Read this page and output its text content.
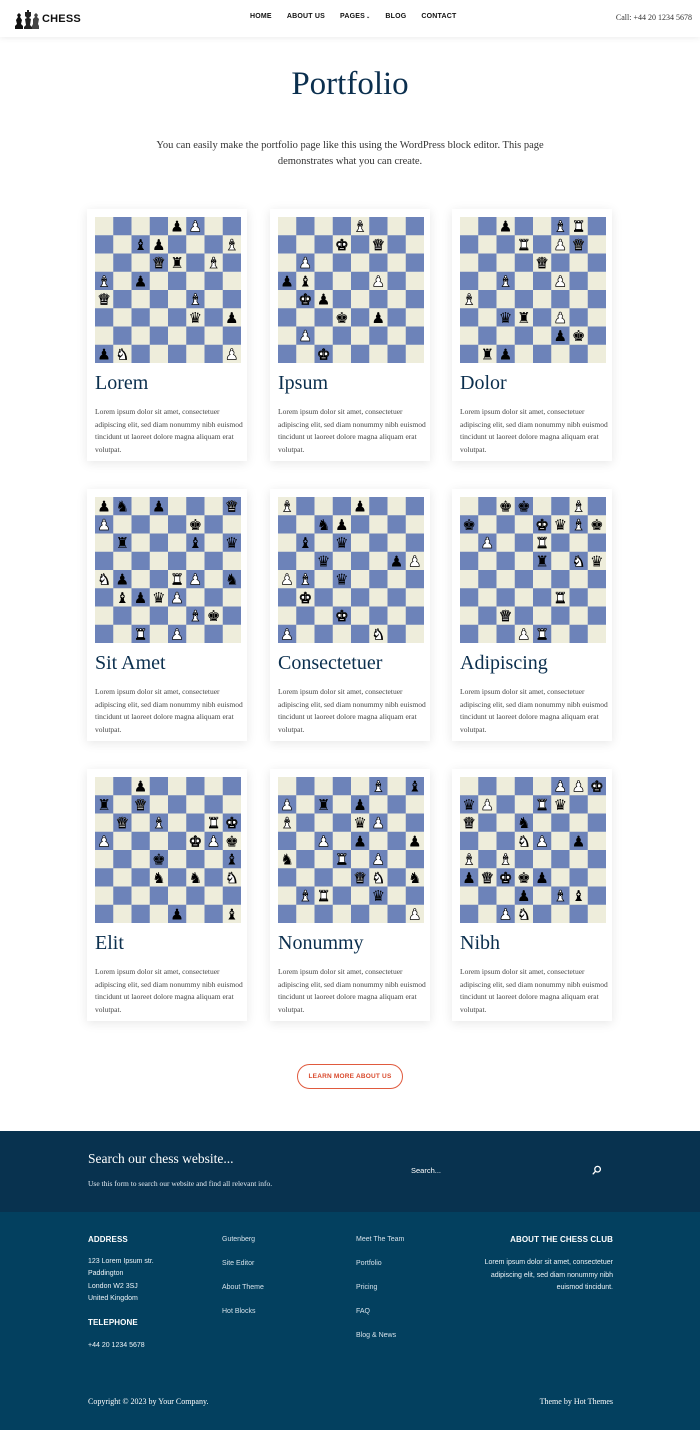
CHESS	HOME ABOUT US PAGES⌄ BLOG CONTACT	Call: +44 20 1234 5678
Portfolio

You can easily make the portfolio page like this using the WordPress block editor. This page demonstrates what you can create.

♟ ♟
♝ ♟	♝
♛ ♜ ♝
♝ ♟
♛	♝
♛ ♟
♟ ♞	♟
Lorem
Lorem ipsum dolor sit amet, consectetuer adipiscing elit, sed diam nonummy nibh euismod tincidunt ut laoreet dolore magna aliquam erat volutpat.
♝
♚ ♛
♟
♟ ♝	♟
♚ ♟
♚ ♟
♟
♚
Ipsum
Lorem ipsum dolor sit amet, consectetuer adipiscing elit, sed diam nonummy nibh euismod tincidunt ut laoreet dolore magna aliquam erat volutpat.
♟	♝ ♜
♜ ♟ ♛
♛
♝	♟
♝
♛ ♜ ♟
♟ ♚
♜ ♟
Dolor
Lorem ipsum dolor sit amet, consectetuer adipiscing elit, sed diam nonummy nibh euismod tincidunt ut laoreet dolore magna aliquam erat volutpat.
♟ ♞ ♟	♛
♟	♚
♜	♝ ♛
♞ ♟	♜ ♟ ♞
♝ ♟ ♛ ♟
♝ ♚
♜ ♟
Sit Amet
Lorem ipsum dolor sit amet, consectetuer adipiscing elit, sed diam nonummy nibh euismod tincidunt ut laoreet dolore magna aliquam erat volutpat.
♝	♟
♞ ♟
♝ ♛
♛	♟ ♟
♟ ♝ ♛
♚
♚
♟	♞
Consectetuer
Lorem ipsum dolor sit amet, consectetuer adipiscing elit, sed diam nonummy nibh euismod tincidunt ut laoreet dolore magna aliquam erat volutpat.
♚ ♚	♝
♚	♚ ♛ ♝ ♚
♟	♜
♜ ♞ ♛
♜
♛
♟ ♜
Adipiscing
Lorem ipsum dolor sit amet, consectetuer adipiscing elit, sed diam nonummy nibh euismod tincidunt ut laoreet dolore magna aliquam erat volutpat.
♟
♜ ♛
♛ ♝	♜ ♚
♟	♚ ♟ ♚
♚	♝
♞ ♞ ♞
♟	♝
Elit
Lorem ipsum dolor sit amet, consectetuer adipiscing elit, sed diam nonummy nibh euismod tincidunt ut laoreet dolore magna aliquam erat volutpat.
♝ ♝
♟ ♜ ♟
♝	♛ ♟
♟ ♟	♟
♞	♜ ♟
♛ ♞ ♞
♝ ♜	♛
♟
Nonummy
Lorem ipsum dolor sit amet, consectetuer adipiscing elit, sed diam nonummy nibh euismod tincidunt ut laoreet dolore magna aliquam erat volutpat.
♟ ♟ ♚
♛ ♟	♜ ♛
♛	♞
♞ ♟ ♟
♝ ♝
♟ ♛ ♚ ♚ ♟
♟ ♝ ♝
♟ ♞
Nibh
Lorem ipsum dolor sit amet, consectetuer adipiscing elit, sed diam nonummy nibh euismod tincidunt ut laoreet dolore magna aliquam erat volutpat.
LEARN MORE ABOUT US
Search our chess website...
Use this form to search our website and find all relevant info.
Search...
ADDRESS
123 Lorem Ipsum str.
Paddington
London W2 3SJ
United Kingdom
TELEPHONE
+44 20 1234 5678
Gutenberg
Site Editor
About Theme
Hot Blocks
Meet The Team
Portfolio
Pricing
FAQ
Blog & News
ABOUT THE CHESS CLUB
Lorem ipsum dolor sit amet, consectetuer adipiscing elit, sed diam nonummy nibh euismod tincidunt.
Copyright © 2023 by Your Company.	Theme by Hot Themes
